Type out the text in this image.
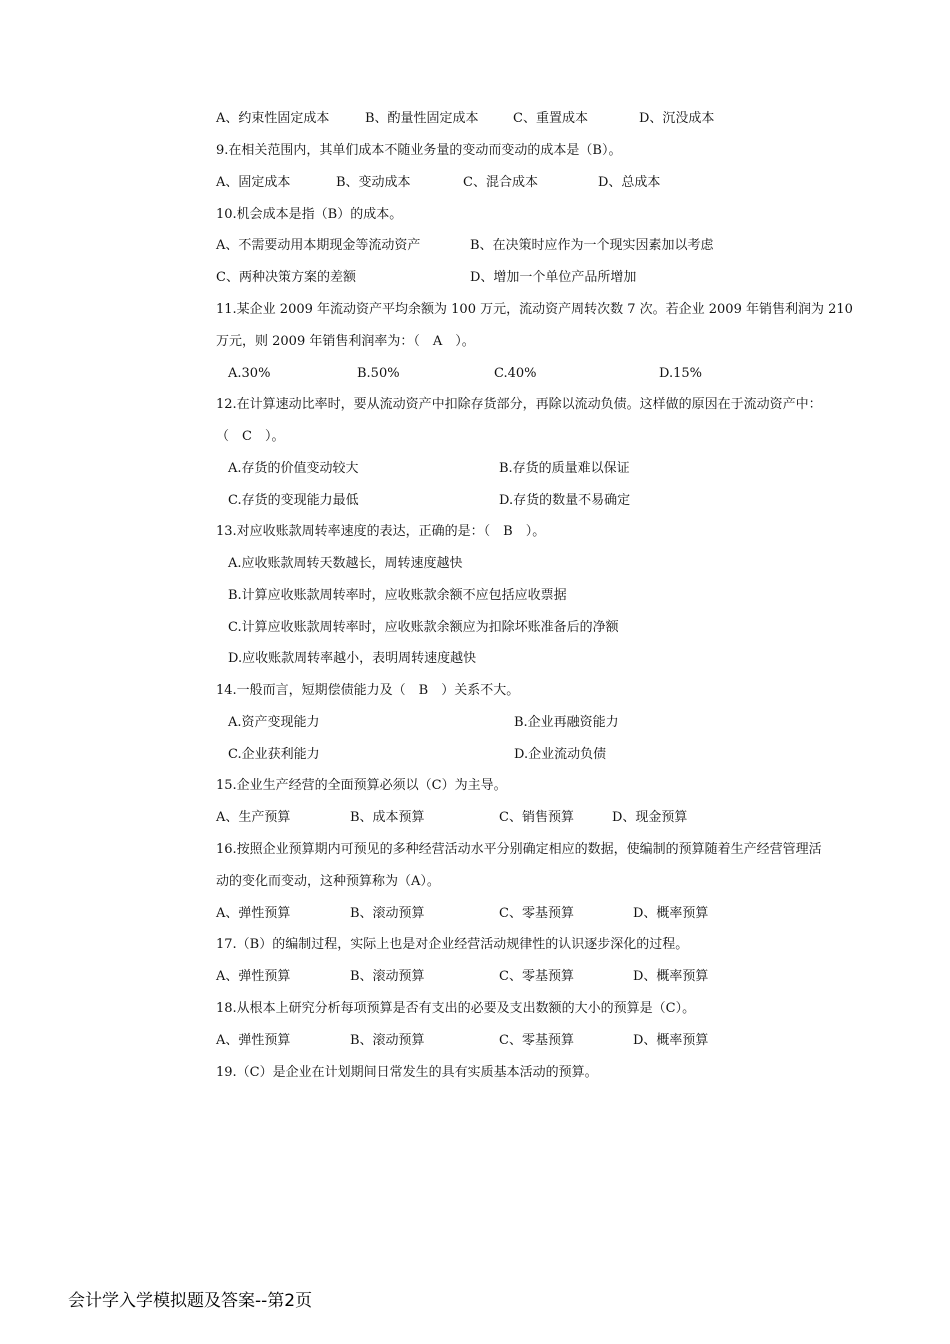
A、约束性固定成本	B、酌量性固定成本	C、重置成本	D、沉没成本
9.在相关范围内，其单们成本不随业务量的变动而变动的成本是（B）。
A、固定成本	B、变动成本	C、混合成本	D、总成本
10.机会成本是指（B）的成本。
A、不需要动用本期现金等流动资产	B、在决策时应作为一个现实因素加以考虑
C、两种决策方案的差额	D、增加一个单位产品所增加
11.某企业 2009 年流动资产平均余额为 100 万元，流动资产周转次数 7 次。若企业 2009 年销售利润为 210
万元，则 2009 年销售利润率为：（　A　）。
A.30%	B.50%	C.40%	D.15%
12.在计算速动比率时，要从流动资产中扣除存货部分，再除以流动负债。这样做的原因在于流动资产中：
（　C　）。
A.存货的价值变动较大	B.存货的质量难以保证
C.存货的变现能力最低	D.存货的数量不易确定
13.对应收账款周转率速度的表达，正确的是：（　B　）。
A.应收账款周转天数越长，周转速度越快
B.计算应收账款周转率时，应收账款余额不应包括应收票据
C.计算应收账款周转率时，应收账款余额应为扣除坏账准备后的净额
D.应收账款周转率越小，表明周转速度越快
14.一般而言，短期偿债能力及（　B　）关系不大。
A.资产变现能力	B.企业再融资能力
C.企业获利能力	D.企业流动负债
15.企业生产经营的全面预算必须以（C）为主导。
A、生产预算	B、成本预算	C、销售预算	D、现金预算
16.按照企业预算期内可预见的多种经营活动水平分别确定相应的数据，使编制的预算随着生产经营管理活
动的变化而变动，这种预算称为（A）。
A、弹性预算	B、滚动预算	C、零基预算	D、概率预算
17.（B）的编制过程，实际上也是对企业经营活动规律性的认识逐步深化的过程。
A、弹性预算	B、滚动预算	C、零基预算	D、概率预算
18.从根本上研究分析每项预算是否有支出的必要及支出数额的大小的预算是（C）。
A、弹性预算	B、滚动预算	C、零基预算	D、概率预算
19.（C）是企业在计划期间日常发生的具有实质基本活动的预算。
会计学入学模拟题及答案--第2页
